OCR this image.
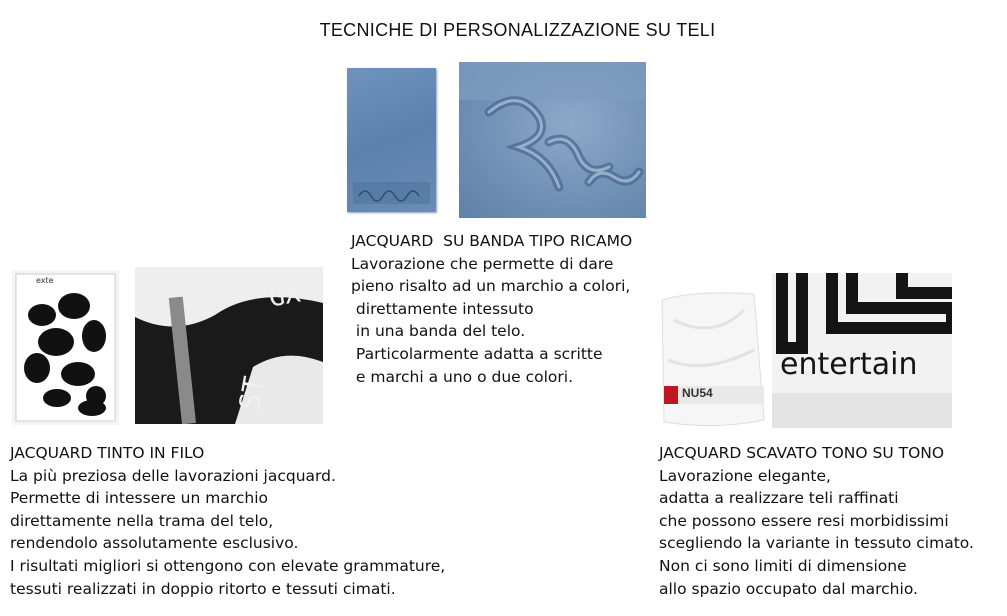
TECNICHE DI PERSONALIZZAZIONE SU TELI
exte	GX
ST	NU54
entertain
JACQUARD  SU BANDA TIPO RICAMO
Lavorazione che permette di dare
pieno risalto ad un marchio a colori,
direttamente intessuto
in una banda del telo.
Particolarmente adatta a scritte
e marchi a uno o due colori.
JACQUARD TINTO IN FILO
La più preziosa delle lavorazioni jacquard.
Permette di intessere un marchio
direttamente nella trama del telo,
rendendolo assolutamente esclusivo.
I risultati migliori si ottengono con elevate grammature,
tessuti realizzati in doppio ritorto e tessuti cimati.
JACQUARD SCAVATO TONO SU TONO
Lavorazione elegante,
adatta a realizzare teli raffinati
che possono essere resi morbidissimi
scegliendo la variante in tessuto cimato.
Non ci sono limiti di dimensione
allo spazio occupato dal marchio.
